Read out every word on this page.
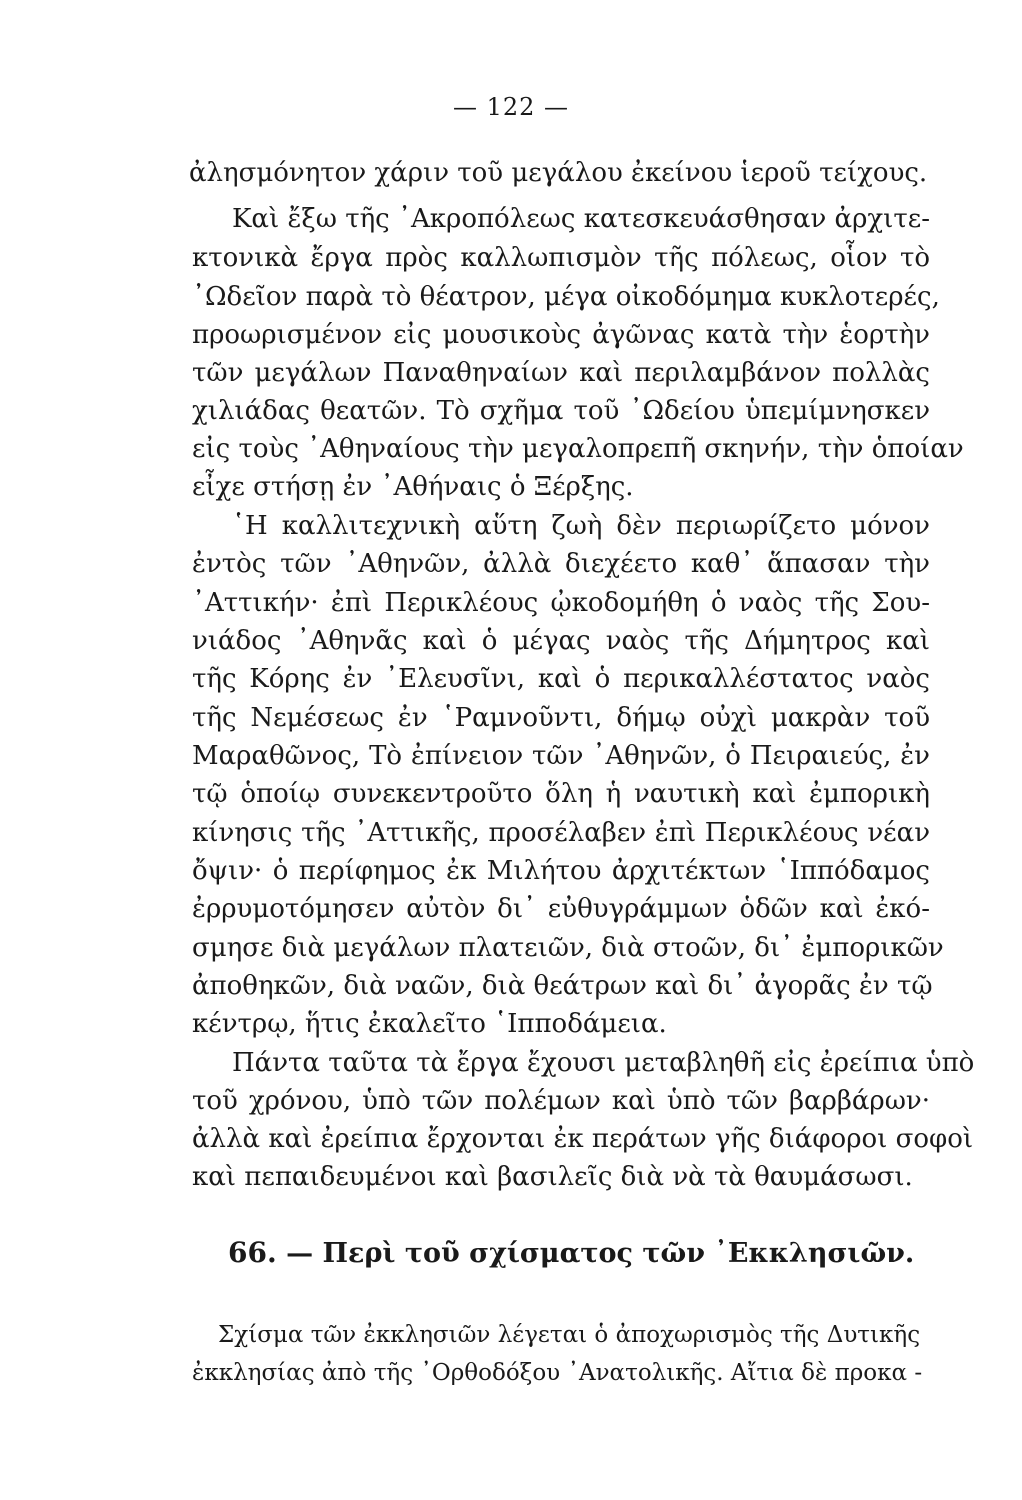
— 122 —
ἀλησμόνητον χάριν τοῦ μεγάλου ἐκείνου ἱεροῦ τείχους.
Καὶ ἔξω τῆς ᾿Ακροπόλεως κατεσκευάσθησαν ἀρχιτε-
κτονικὰ ἔργα πρὸς καλλωπισμὸν τῆς πόλεως, οἷον τὸ
᾿Ωδεῖον παρὰ τὸ θέατρον, μέγα οἰκοδόμημα κυκλοτερές,
προωρισμένον εἰς μουσικοὺς ἀγῶνας κατὰ τὴν ἑορτὴν
τῶν μεγάλων Παναθηναίων καὶ περιλαμβάνον πολλὰς
χιλιάδας θεατῶν. Τὸ σχῆμα τοῦ ᾿Ωδείου ὑπεμίμνησκεν
εἰς τοὺς ᾿Αθηναίους τὴν μεγαλοπρεπῆ σκηνήν, τὴν ὁποίαν
εἶχε στήσῃ ἐν ᾿Αθήναις ὁ Ξέρξης.
῾Η καλλιτεχνικὴ αὕτη ζωὴ δὲν περιωρίζετο μόνον
ἐντὸς τῶν ᾿Αθηνῶν, ἀλλὰ διεχέετο καθ᾿ ἅπασαν τὴν
᾿Αττικήν· ἐπὶ Περικλέους ᾠκοδομήθη ὁ ναὸς τῆς Σου-
νιάδος ᾿Αθηνᾶς καὶ ὁ μέγας ναὸς τῆς Δήμητρος καὶ
τῆς Κόρης ἐν ᾿Ελευσῖνι, καὶ ὁ περικαλλέστατος ναὸς
τῆς Νεμέσεως ἐν ῾Ραμνοῦντι, δήμῳ οὐχὶ μακρὰν τοῦ
Μαραθῶνος, Τὸ ἐπίνειον τῶν ᾿Αθηνῶν, ὁ Πειραιεύς, ἐν
τῷ ὁποίῳ συνεκεντροῦτο ὅλη ἡ ναυτικὴ καὶ ἐμπορικὴ
κίνησις τῆς ᾿Αττικῆς, προσέλαβεν ἐπὶ Περικλέους νέαν
ὄψιν· ὁ περίφημος ἐκ Μιλήτου ἀρχιτέκτων ῾Ιππόδαμος
ἐρρυμοτόμησεν αὐτὸν δι᾿ εὐθυγράμμων ὁδῶν καὶ ἐκό-
σμησε διὰ μεγάλων πλατειῶν, διὰ στοῶν, δι᾿ ἐμπορικῶν
ἀποθηκῶν, διὰ ναῶν, διὰ θεάτρων καὶ δι᾿ ἀγορᾶς ἐν τῷ
κέντρῳ, ἥτις ἐκαλεῖτο ῾Ιπποδάμεια.
Πάντα ταῦτα τὰ ἔργα ἔχουσι μεταβληθῆ εἰς ἐρείπια ὑπὸ
τοῦ χρόνου, ὑπὸ τῶν πολέμων καὶ ὑπὸ τῶν βαρβάρων·
ἀλλὰ καὶ ἐρείπια ἔρχονται ἐκ περάτων γῆς διάφοροι σοφοὶ
καὶ πεπαιδευμένοι καὶ βασιλεῖς διὰ νὰ τὰ θαυμάσωσι.
66. — Περὶ τοῦ σχίσματος τῶν ᾿Εκκλησιῶν.
Σχίσμα τῶν ἐκκλησιῶν λέγεται ὁ ἀποχωρισμὸς τῆς Δυτικῆς
ἐκκλησίας ἀπὸ τῆς ᾿Ορθοδόξου ᾿Ανατολικῆς. Αἴτια δὲ προκα -
